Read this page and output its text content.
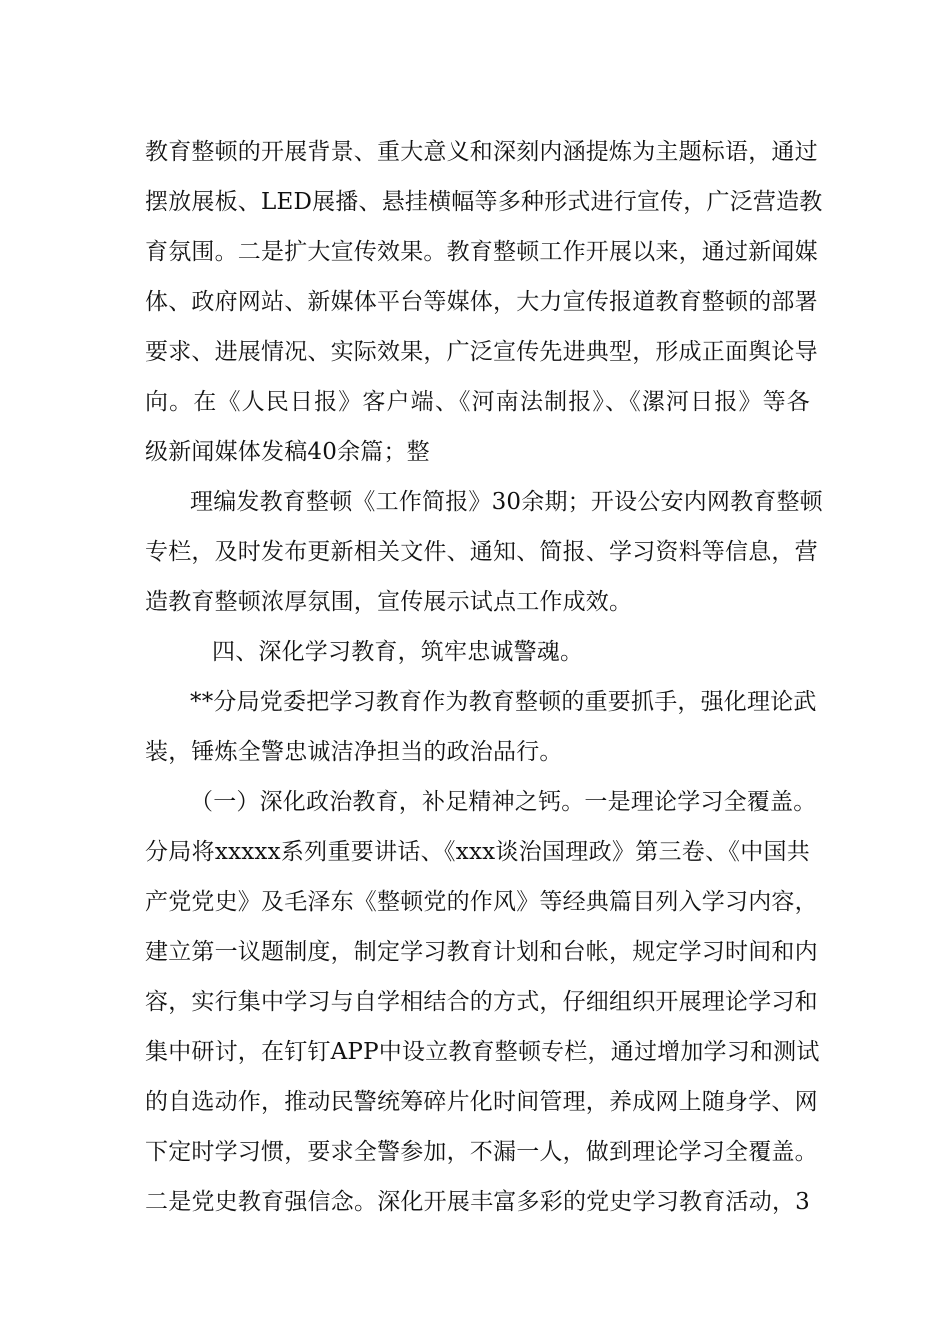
教育整顿的开展背景、重大意义和深刻内涵提炼为主题标语，通过
摆放展板、LED展播、悬挂横幅等多种形式进行宣传，广泛营造教
育氛围。二是扩大宣传效果。教育整顿工作开展以来，通过新闻媒
体、政府网站、新媒体平台等媒体，大力宣传报道教育整顿的部署
要求、进展情况、实际效果，广泛宣传先进典型，形成正面舆论导
向。在《人民日报》客户端、《河南法制报》、《漯河日报》等各
级新闻媒体发稿40余篇；整
理编发教育整顿《工作简报》30余期；开设公安内网教育整顿
专栏，及时发布更新相关文件、通知、简报、学习资料等信息，营
造教育整顿浓厚氛围，宣传展示试点工作成效。
四、深化学习教育，筑牢忠诚警魂。
**分局党委把学习教育作为教育整顿的重要抓手，强化理论武
装，锤炼全警忠诚洁净担当的政治品行。
（一）深化政治教育，补足精神之钙。一是理论学习全覆盖。
分局将xxxxx系列重要讲话、《xxx谈治国理政》第三卷、《中国共
产党党史》及毛泽东《整顿党的作风》等经典篇目列入学习内容，
建立第一议题制度，制定学习教育计划和台帐，规定学习时间和内
容，实行集中学习与自学相结合的方式，仔细组织开展理论学习和
集中研讨，在钉钉APP中设立教育整顿专栏，通过增加学习和测试
的自选动作，推动民警统筹碎片化时间管理，养成网上随身学、网
下定时学习惯，要求全警参加，不漏一人，做到理论学习全覆盖。
二是党史教育强信念。深化开展丰富多彩的党史学习教育活动，3
